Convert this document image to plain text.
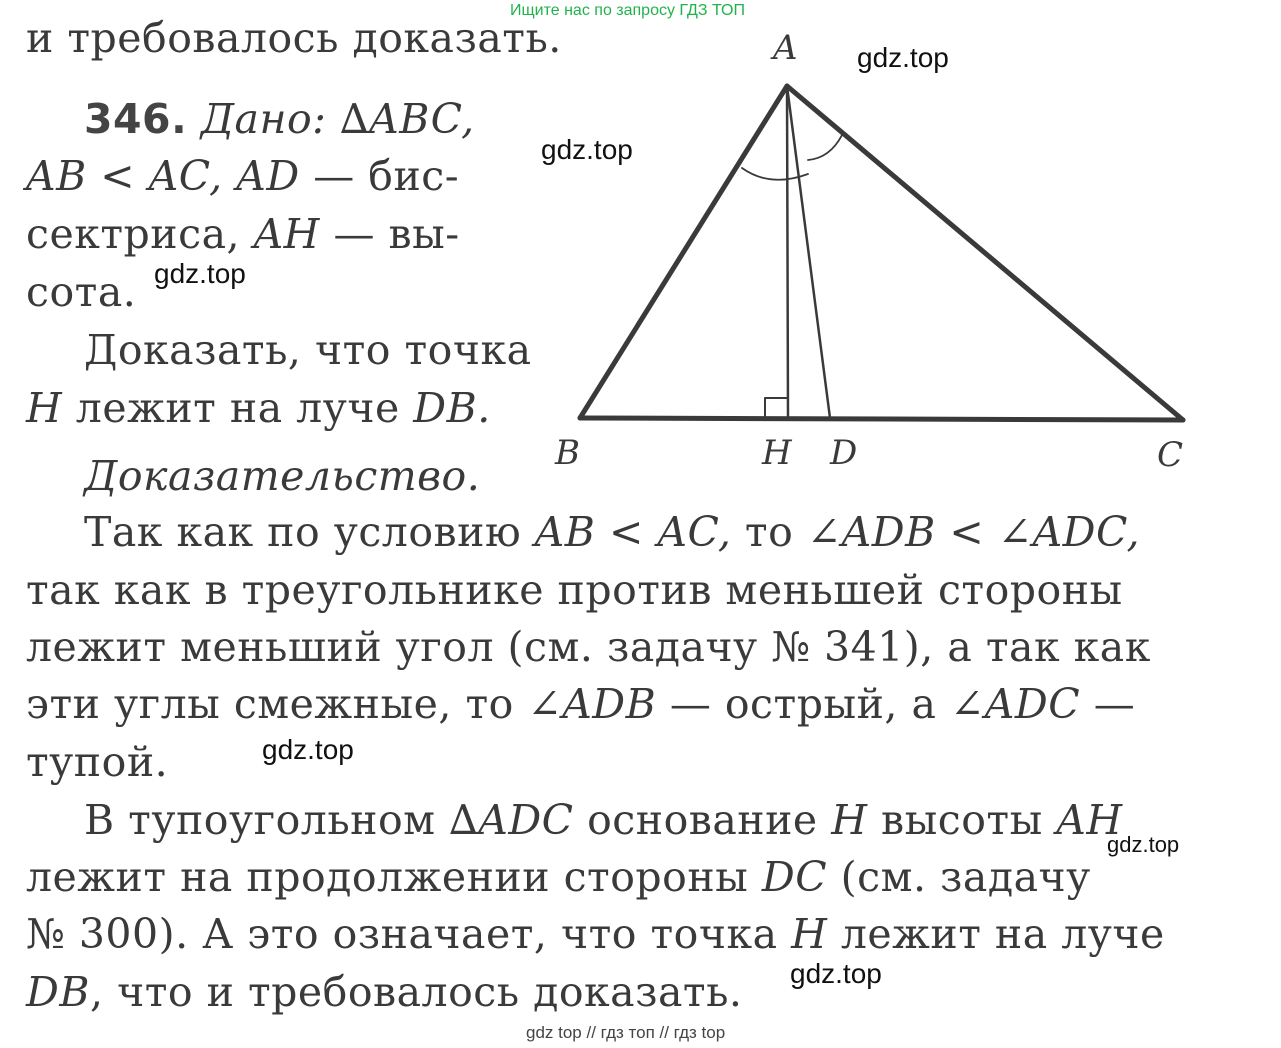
Ищите нас по запросу ГДЗ ТОП
и требовалось доказать.
346. Дано: ∆ABC,
AB < AC, AD — бис-
сектриса, AH — вы-
сота.
Доказать, что точка
H лежит на луче DB.
Доказательство.
Так как по условию AB < AC, то ∠ADB < ∠ADC,
так как в треугольнике против меньшей стороны
лежит меньший угол (см. задачу № 341), а так как
эти углы смежные, то ∠ADB — острый, а ∠ADC —
тупой.
В тупоугольном ∆ADC основание H высоты AH
лежит на продолжении стороны DC (см. задачу
№ 300). А это означает, что точка H лежит на луче
DB, что и требовалось доказать.
A
B	H D	C
gdz.top
gdz.top
gdz.top
gdz.top
gdz.top
gdz.top
gdz top // гдз топ // гдз top
